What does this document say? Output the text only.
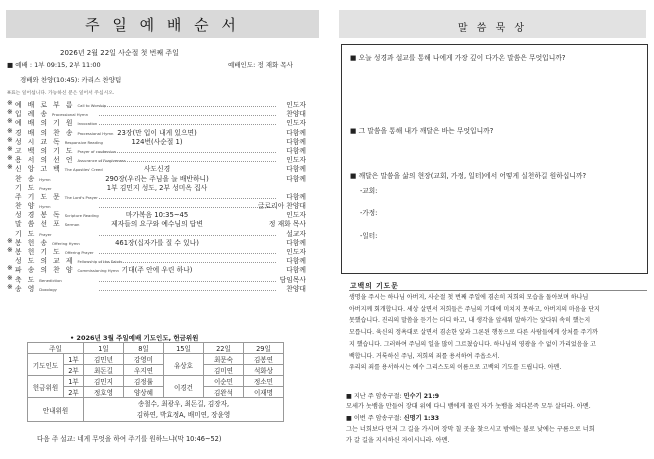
주 일 예 배 순 서
2026년 2월 22일 사순절 첫 번째 주일
■ 예배 : 1부 09:15, 2부 11:00	예배인도: 정 재화 목사
경배와 찬양(10:45): 카리스 찬양팀
※표는 일어섭니다. 가능하신 분은 일어서 주십시오.
※ 예 배 로 부 름 Call to Worship	인도자
※ 입 례 송 Processional Hymn	찬양대
※ 예 배 의 기 원 Invocation	인도자
※ 경 배 의 찬 송 Processional Hymn 23장(만 입이 내게 있으면)	다함께
※ 성 시 교 독 Responsive Reading	124번(사순절 1)	다함께
※ 고 백 의 기 도 Prayer of confession	다함께
※ 용 서 의 선 언 Assurance of Forgiveness	인도자
※ 신 앙 고 백 The Apostles' Creed	사도신경	다함께
찬 송 Hymn	290장(우리는 주님을 늘 배반하니)	다함께
기 도 Prayer	1부 김민지 성도, 2부 성미옥 집사
주 기 도 문 The Lord's Prayer	다함께
찬 양 Hymn	글로리아 찬양대
성 경 봉 독 Scripture Reading	마가복음 10:35~45	인도자
말 씀 선 포 Sermon	제자들의 요구와 예수님의 답변	정 재화 목사
기 도 Prayer	설교자
※ 봉 헌 송 Offering Hymn	461장(십자가를 질 수 있나)	다함께
※ 봉 헌 기 도 Offering Prayer	인도자
성 도 의 교 제 Fellowship of the Saints	다함께
※ 파 송 의 찬 양 Commissioning Hymn 기대(주 안에 우린 하나)	다함께
※ 축 도 Benediction	담임목사
※ 송 영 Doxology	찬양대
• 2026년 3월 주일예배 기도인도, 헌금위원
주일		1일	8일	15일	22일	29일
기도인도	1부	김민년	강영미	유상호	최문숙	김봉연
	2부	최돈길	우지연		김미연	석화상
헌금위원	1부	김민지	김정률	이경건	이순민	정소민
	2부	정호영	양상혜		김완석	이재명
안내위원		송철수, 최광우, 최돈길, 김장자,
김하연, 박효정A, 배미연, 장윤영				
다음 주 설교: 네게 무엇을 하여 주기를 원하느냐(막 10:46~52)
말 씀 묵 상
■ 오늘 성경과 설교를 통해 나에게 가장 깊이 다가온 말씀은 무엇입니까?
■ 그 말씀을 통해 내가 깨달은 바는 무엇입니까?
■ 깨달은 말씀을 삶의 현장(교회, 가정, 일터)에서 어떻게 실천하길 원하십니까?
-교회:
-가정:
-일터:
고백의 기도문
생명을 주시는 하나님 아버지, 사순절 첫 번째 주일에 겸손히 저희의 모습을 돌아보며 하나님
아버지께 회개합니다. 세상 살면서 저희들은 주님의 기대에 미치지 못하고, 아버지의 마음을 단지
못했습니다. 진리의 말씀을 듣기는 더디 하고, 내 생각을 앞세워 말하기는 앞다퉈 속히 했는지
모릅니다. 육신의 정욕대로 살면서 겸손한 앞과 그론된 행동으로 다른 사람들에게 상처를 주기까
지 했습니다. 그러하여 주님의 일을 많이 그르쳤습니다. 하나님의 영광을 수 없이 가리었음을 고
백합니다. 거룩하신 주님, 저희의 죄를 용서하여 주옵소서.
우리의 죄를 용서하시는 예수 그리스도의 이름으로 고백의 기도를 드립니다. 아멘.
■ 지난 주 암송구절: 민수기 21:9
모세가 놋뱀을 만들어 장대 위에 다니 뱀에게 물린 자가 놋뱀을 쳐다본즉 모두 살더라. 아멘.
■ 이번 주 암송구절: 신명기 1:33
그는 너희보다 먼저 그 길을 가시며 장막 칠 곳을 찾으시고 밤에는 불로 낮에는 구름으로 너희
가 갈 길을 지시하신 자이시니라. 아멘.
